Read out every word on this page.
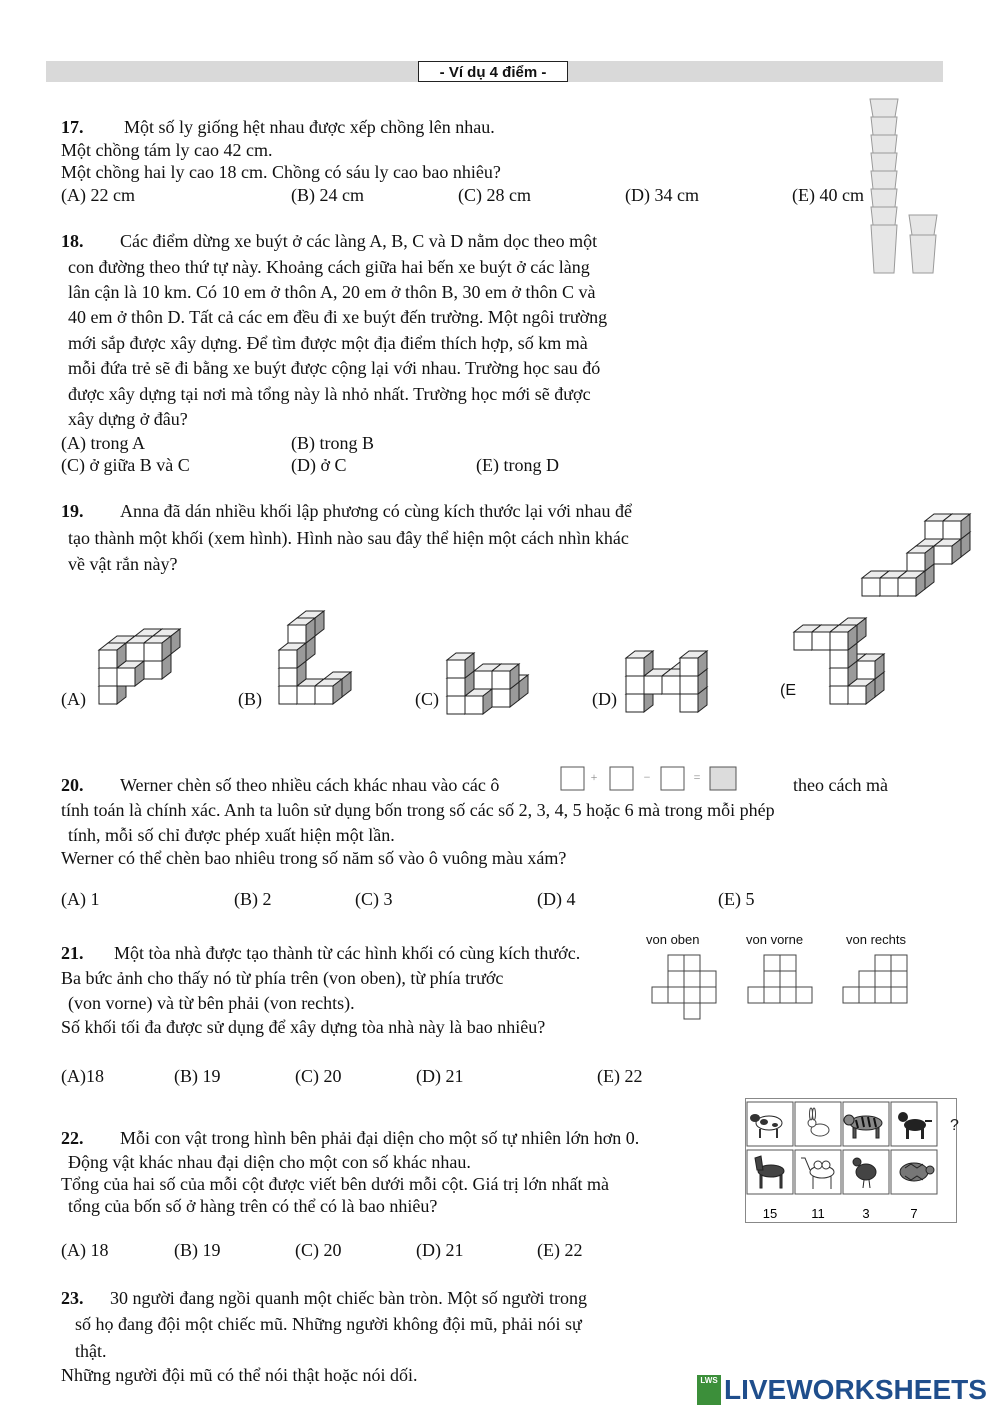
- Ví dụ 4 điểm -
17. Một số ly giống hệt nhau được xếp chồng lên nhau.
Một chồng tám ly cao 42 cm.
Một chồng hai ly cao 18 cm. Chồng có sáu ly cao bao nhiêu?
(A) 22 cm	(B) 24 cm	(C) 28 cm	(D) 34 cm	(E) 40 cm
18. Các điểm dừng xe buýt ở các làng A, B, C và D nằm dọc theo một
con đường theo thứ tự này. Khoảng cách giữa hai bến xe buýt ở các làng
lân cận là 10 km. Có 10 em ở thôn A, 20 em ở thôn B, 30 em ở thôn C và
40 em ở thôn D. Tất cả các em đều đi xe buýt đến trường. Một ngôi trường
mới sắp được xây dựng. Để tìm được một địa điểm thích hợp, số km mà
mỗi đứa trẻ sẽ đi bằng xe buýt được cộng lại với nhau. Trường học sau đó
được xây dựng tại nơi mà tổng này là nhỏ nhất. Trường học mới sẽ được
xây dựng ở đâu?
(A) trong A	(B) trong B
(C) ở giữa B và C	(D) ở C	(E) trong D
19. Anna đã dán nhiều khối lập phương có cùng kích thước lại với nhau để
tạo thành một khối (xem hình). Hình nào sau đây thể hiện một cách nhìn khác
về vật rắn này?
(A)	(B)	(C)	(D)	(E
20. Werner chèn số theo nhiều cách khác nhau vào các ô	+	−	=	theo cách mà
tính toán là chính xác. Anh ta luôn sử dụng bốn trong số các số 2, 3, 4, 5 hoặc 6 mà trong mỗi phép
tính, mỗi số chỉ được phép xuất hiện một lần.
Werner có thể chèn bao nhiêu trong số năm số vào ô vuông màu xám?
(A) 1	(B) 2	(C) 3	(D) 4	(E) 5
21. Một tòa nhà được tạo thành từ các hình khối có cùng kích thước.
Ba bức ảnh cho thấy nó từ phía trên (von oben), từ phía trước
(von vorne) và từ bên phải (von rechts).
Số khối tối đa được sử dụng để xây dựng tòa nhà này là bao nhiêu?
von oben	von vorne	von rechts
(A)18	(B) 19	(C) 20	(D) 21	(E) 22
22. Mỗi con vật trong hình bên phải đại diện cho một số tự nhiên lớn hơn 0.
Động vật khác nhau đại diện cho một con số khác nhau.
Tổng của hai số của mỗi cột được viết bên dưới mỗi cột. Giá trị lớn nhất mà
tổng của bốn số ở hàng trên có thể có là bao nhiêu?
?
15	11	3	7
(A) 18	(B) 19	(C) 20	(D) 21	(E) 22
23. 30 người đang ngồi quanh một chiếc bàn tròn. Một số người trong
số họ đang đội một chiếc mũ. Những người không đội mũ, phải nói sự
thật.
Những người đội mũ có thể nói thật hoặc nói dối.	LWS LIVEWORKSHEETS
